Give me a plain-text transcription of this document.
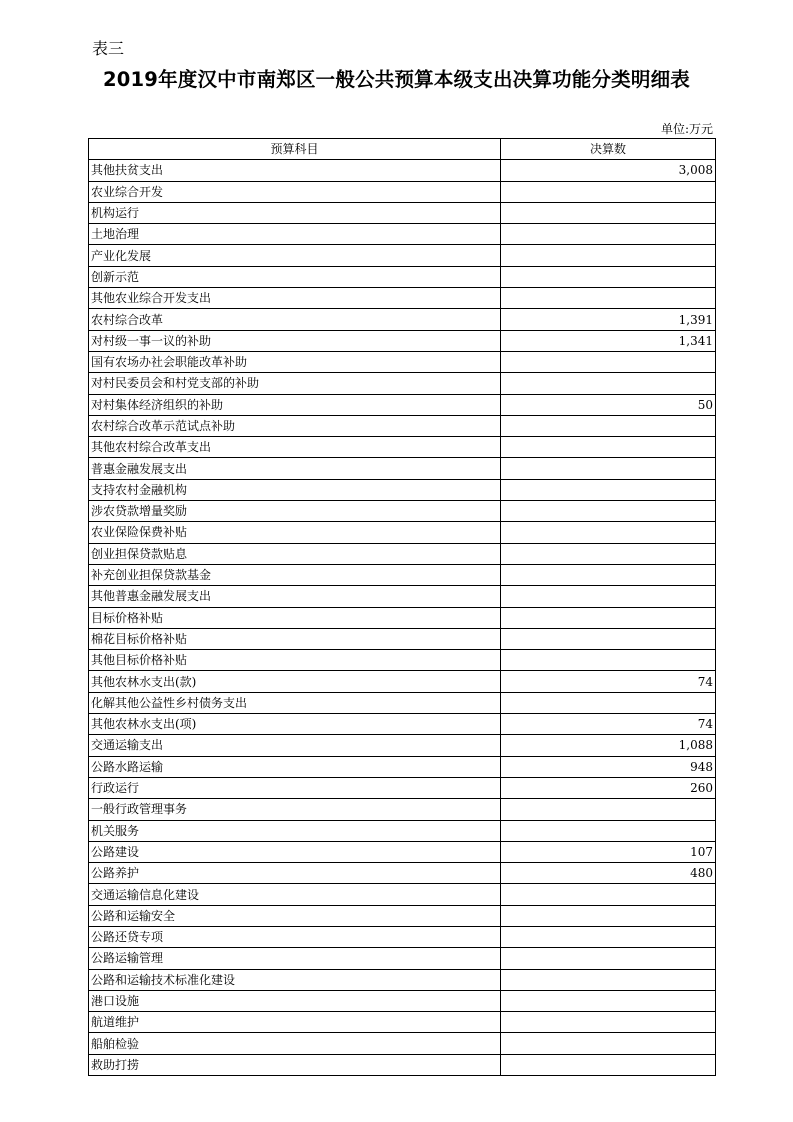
表三
2019年度汉中市南郑区一般公共预算本级支出决算功能分类明细表
单位:万元
预算科目	决算数
其他扶贫支出	3,008
农业综合开发	
机构运行	
土地治理	
产业化发展	
创新示范	
其他农业综合开发支出	
农村综合改革	1,391
对村级一事一议的补助	1,341
国有农场办社会职能改革补助	
对村民委员会和村党支部的补助	
对村集体经济组织的补助	50
农村综合改革示范试点补助	
其他农村综合改革支出	
普惠金融发展支出	
支持农村金融机构	
涉农贷款增量奖励	
农业保险保费补贴	
创业担保贷款贴息	
补充创业担保贷款基金	
其他普惠金融发展支出	
目标价格补贴	
棉花目标价格补贴	
其他目标价格补贴	
其他农林水支出(款)	74
化解其他公益性乡村债务支出	
其他农林水支出(项)	74
交通运输支出	1,088
公路水路运输	948
行政运行	260
一般行政管理事务	
机关服务	
公路建设	107
公路养护	480
交通运输信息化建设	
公路和运输安全	
公路还贷专项	
公路运输管理	
公路和运输技术标准化建设	
港口设施	
航道维护	
船舶检验	
救助打捞	
